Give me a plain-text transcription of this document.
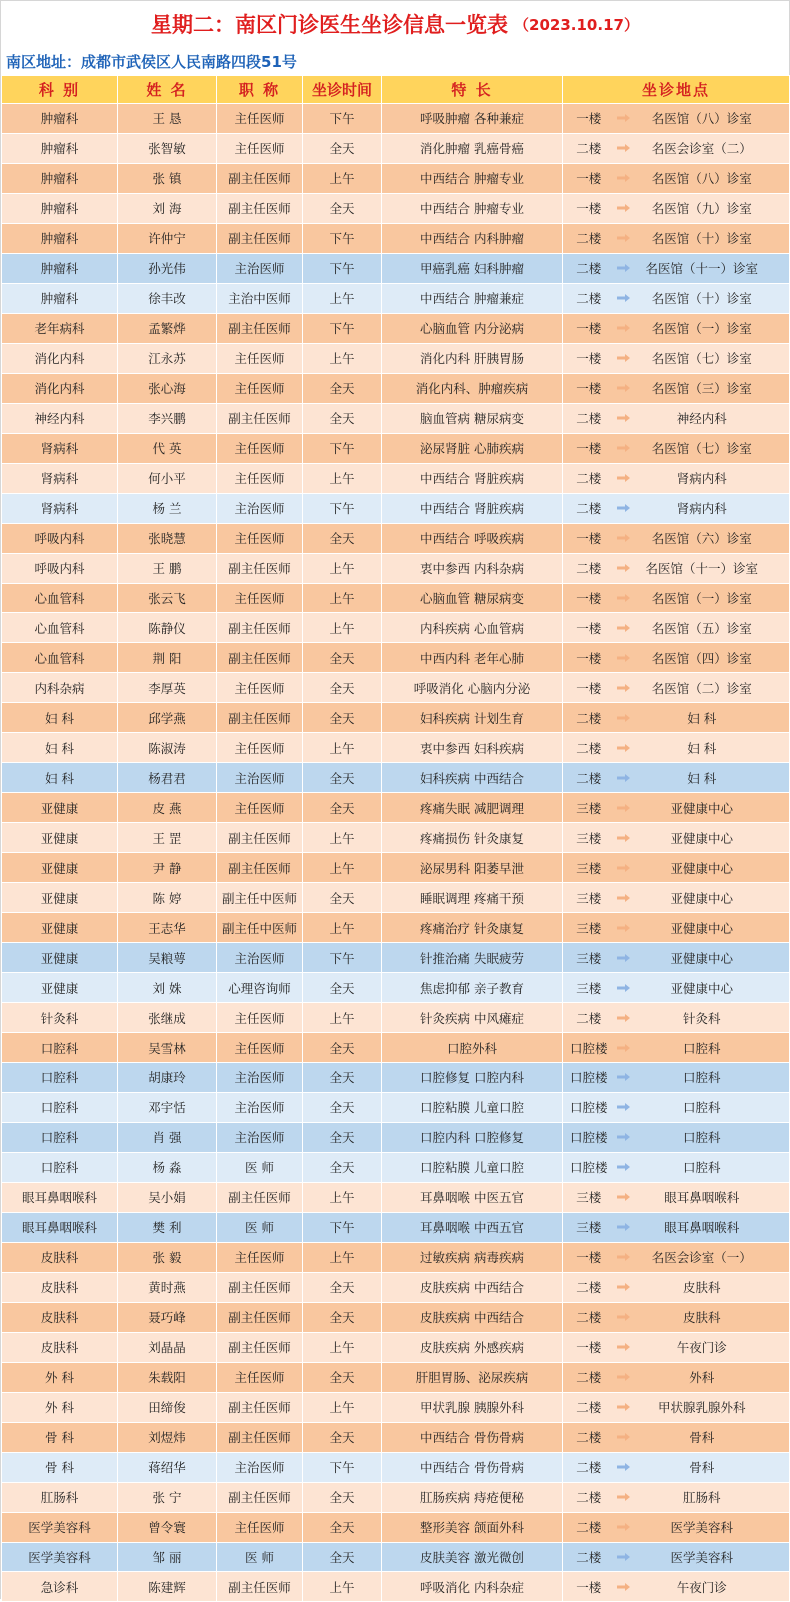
星期二：南区门诊医生坐诊信息一览表 （2023.10.17）
南区地址：成都市武侯区人民南路四段51号
科 别	姓 名	职 称	坐诊时间	特 长	坐诊地点	
肿瘤科	王 恳	主任医师	下午	呼吸肿瘤 各种兼症	一楼	名医馆（八）诊室

肿瘤科	张智敏	主任医师	全天	消化肿瘤 乳癌骨癌	二楼	名医会诊室（二）

肿瘤科	张 镇	副主任医师	上午	中西结合 肿瘤专业	一楼	名医馆（八）诊室

肿瘤科	刘 海	副主任医师	全天	中西结合 肿瘤专业	一楼	名医馆（九）诊室

肿瘤科	许仲宁	副主任医师	下午	中西结合 内科肿瘤	二楼	名医馆（十）诊室

肿瘤科	孙光伟	主治医师	下午	甲癌乳癌 妇科肿瘤	二楼	名医馆（十一）诊室

肿瘤科	徐丰改	主治中医师	上午	中西结合 肿瘤兼症	二楼	名医馆（十）诊室

老年病科	孟繁烨	副主任医师	下午	心脑血管 内分泌病	一楼	名医馆（一）诊室

消化内科	江永苏	主任医师	上午	消化内科 肝胰胃肠	一楼	名医馆（七）诊室

消化内科	张心海	主任医师	全天	消化内科、肿瘤疾病	一楼	名医馆（三）诊室

神经内科	李兴鹏	副主任医师	全天	脑血管病 糖尿病变	二楼	神经内科

肾病科	代 英	主任医师	下午	泌尿肾脏 心肺疾病	一楼	名医馆（七）诊室

肾病科	何小平	主任医师	上午	中西结合 肾脏疾病	二楼	肾病内科

肾病科	杨 兰	主治医师	下午	中西结合 肾脏疾病	二楼	肾病内科

呼吸内科	张晓慧	主任医师	全天	中西结合 呼吸疾病	一楼	名医馆（六）诊室

呼吸内科	王 鹏	副主任医师	上午	衷中参西 内科杂病	二楼	名医馆（十一）诊室

心血管科	张云飞	主任医师	上午	心脑血管 糖尿病变	一楼	名医馆（一）诊室

心血管科	陈静仪	副主任医师	上午	内科疾病 心血管病	一楼	名医馆（五）诊室

心血管科	荆 阳	副主任医师	全天	中西内科 老年心肺	一楼	名医馆（四）诊室

内科杂病	李厚英	主任医师	全天	呼吸消化 心脑内分泌	一楼	名医馆（二）诊室

妇 科	邱学燕	副主任医师	全天	妇科疾病 计划生育	二楼	妇 科

妇 科	陈淑涛	主任医师	上午	衷中参西 妇科疾病	二楼	妇 科

妇 科	杨君君	主治医师	全天	妇科疾病 中西结合	二楼	妇 科

亚健康	皮 燕	主任医师	全天	疼痛失眠 减肥调理	三楼	亚健康中心

亚健康	王 罡	副主任医师	上午	疼痛损伤 针灸康复	三楼	亚健康中心

亚健康	尹 静	副主任医师	上午	泌尿男科 阳萎早泄	三楼	亚健康中心

亚健康	陈 婷	副主任中医师	全天	睡眠调理 疼痛干预	三楼	亚健康中心

亚健康	王志华	副主任中医师	上午	疼痛治疗 针灸康复	三楼	亚健康中心

亚健康	吴粮萼	主治医师	下午	针推治痛 失眠疲劳	三楼	亚健康中心

亚健康	刘 姝	心理咨询师	全天	焦虑抑郁 亲子教育	三楼	亚健康中心

针灸科	张继成	主任医师	上午	针灸疾病 中风瘫症	二楼	针灸科

口腔科	吴雪林	主任医师	全天	口腔外科	口腔楼	口腔科

口腔科	胡康玲	主治医师	全天	口腔修复 口腔内科	口腔楼	口腔科

口腔科	邓宇恬	主治医师	全天	口腔粘膜 儿童口腔	口腔楼	口腔科

口腔科	肖 强	主治医师	全天	口腔内科 口腔修复	口腔楼	口腔科

口腔科	杨 淼	医 师	全天	口腔粘膜 儿童口腔	口腔楼	口腔科

眼耳鼻咽喉科	吴小娟	副主任医师	上午	耳鼻咽喉 中医五官	三楼	眼耳鼻咽喉科

眼耳鼻咽喉科	樊 利	医 师	下午	耳鼻咽喉 中西五官	三楼	眼耳鼻咽喉科

皮肤科	张 毅	主任医师	上午	过敏疾病 病毒疾病	一楼	名医会诊室（一）

皮肤科	黄时燕	副主任医师	全天	皮肤疾病 中西结合	二楼	皮肤科

皮肤科	聂巧峰	副主任医师	全天	皮肤疾病 中西结合	二楼	皮肤科

皮肤科	刘晶晶	副主任医师	上午	皮肤疾病 外感疾病	一楼	午夜门诊

外 科	朱载阳	主任医师	全天	肝胆胃肠、泌尿疾病	二楼	外科

外 科	田缔俊	副主任医师	上午	甲状乳腺 胰腺外科	二楼	甲状腺乳腺外科

骨 科	刘煜炜	副主任医师	全天	中西结合 骨伤骨病	二楼	骨科

骨 科	蒋绍华	主治医师	下午	中西结合 骨伤骨病	二楼	骨科

肛肠科	张 宁	副主任医师	全天	肛肠疾病 痔疮便秘	二楼	肛肠科

医学美容科	曾令寰	主任医师	全天	整形美容 颌面外科	二楼	医学美容科

医学美容科	邹 丽	医 师	全天	皮肤美容 激光微创	二楼	医学美容科

急诊科	陈建辉	副主任医师	上午	呼吸消化 内科杂症	一楼	午夜门诊
